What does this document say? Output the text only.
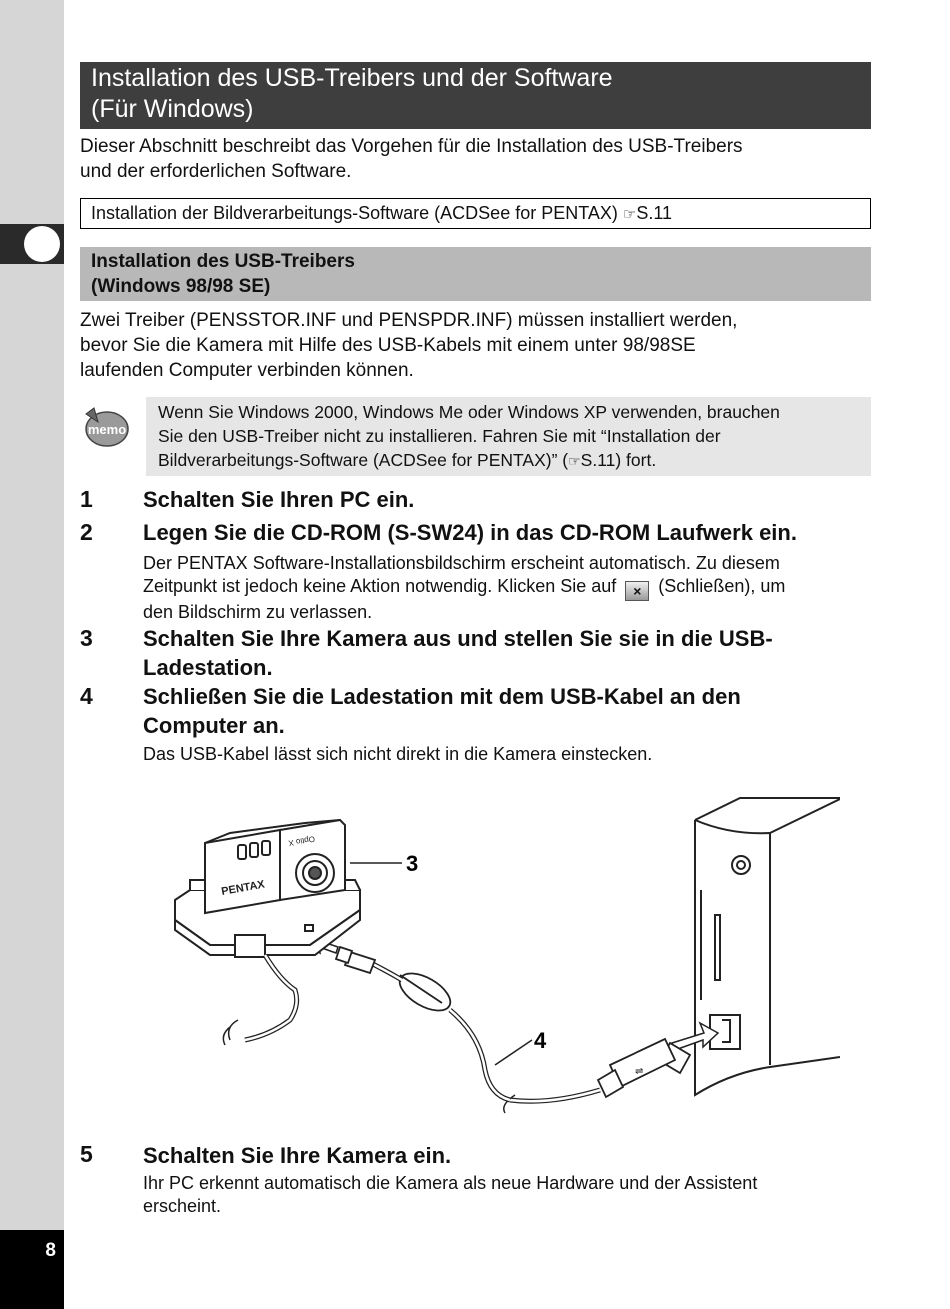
8
Installation des USB-Treibers und der Software
(Für Windows)
Dieser Abschnitt beschreibt das Vorgehen für die Installation des USB-Treibers
und der erforderlichen Software.
Installation der Bildverarbeitungs-Software (ACDSee for PENTAX) ☞S.11
Installation des USB-Treibers
(Windows 98/98 SE)
Zwei Treiber (PENSSTOR.INF und PENSPDR.INF) müssen installiert werden,
bevor Sie die Kamera mit Hilfe des USB-Kabels mit einem unter 98/98SE
laufenden Computer verbinden können.
memo
Wenn Sie Windows 2000, Windows Me oder Windows XP verwenden, brauchen
Sie den USB-Treiber nicht zu installieren. Fahren Sie mit “Installation der
Bildverarbeitungs-Software (ACDSee for PENTAX)” (☞S.11) fort.
1 Schalten Sie Ihren PC ein.
2 Legen Sie die CD-ROM (S-SW24) in das CD-ROM Laufwerk ein.
Der PENTAX Software-Installationsbildschirm erscheint automatisch. Zu diesem
Zeitpunkt ist jedoch keine Aktion notwendig. Klicken Sie auf × (Schließen), um
den Bildschirm zu verlassen.
3 Schalten Sie Ihre Kamera aus und stellen Sie sie in die USB-
Ladestation.
4 Schließen Sie die Ladestation mit dem USB-Kabel an den
Computer an.
Das USB-Kabel lässt sich nicht direkt in die Kamera einstecken.
⇌
PENTAX
Optio X
3
4
5 Schalten Sie Ihre Kamera ein.
Ihr PC erkennt automatisch die Kamera als neue Hardware und der Assistent
erscheint.
